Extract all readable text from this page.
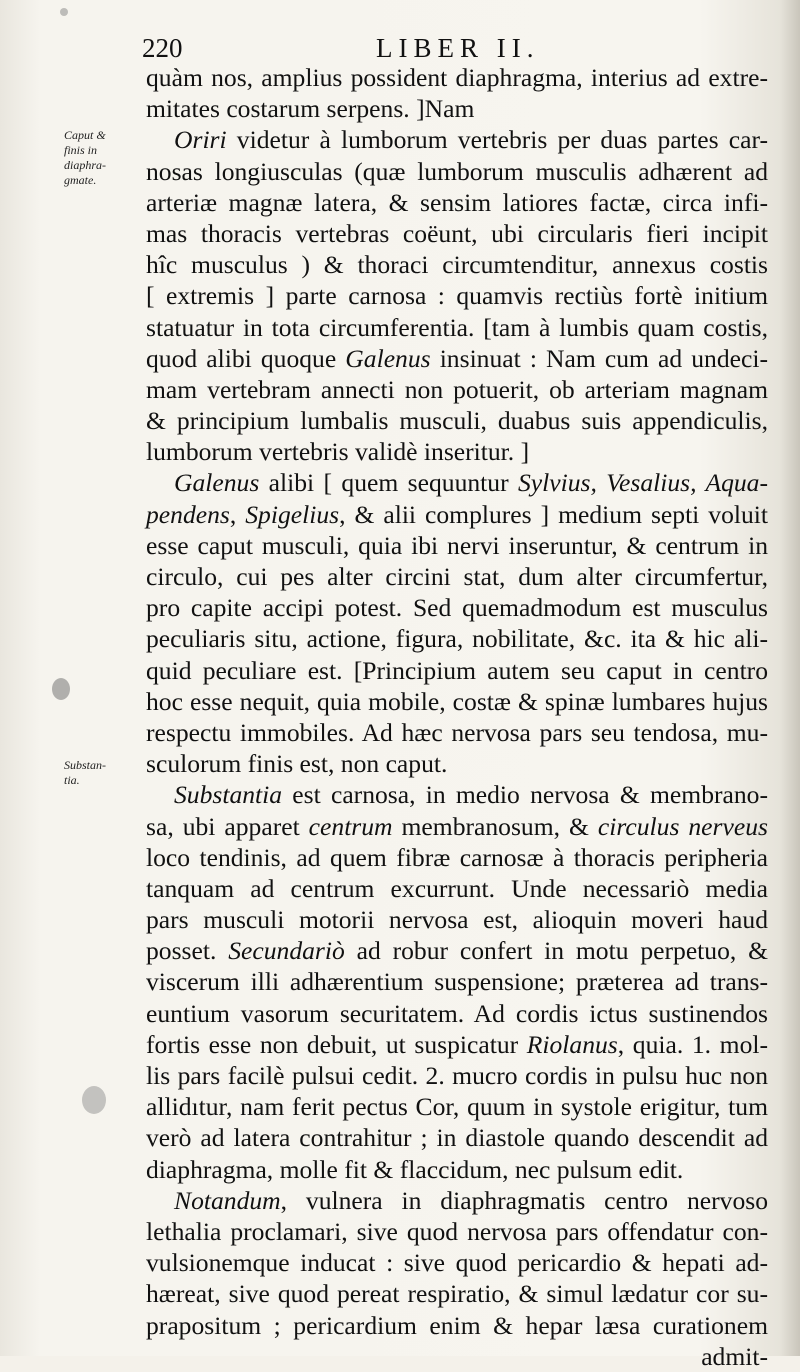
220	LIBER II.
Caput &
finis in
diaphra-
gmate.
Substan-
tia.
quàm nos, amplius possident diaphragma, interius ad extre-
mitates costarum serpens. ]Nam
Oriri videtur à lumborum vertebris per duas partes car-
nosas longiusculas (quæ lumborum musculis adhærent ad
arteriæ magnæ latera, & sensim latiores factæ, circa infi-
mas thoracis vertebras coëunt, ubi circularis fieri incipit
hîc musculus ) & thoraci circumtenditur, annexus costis
[ extremis ] parte carnosa : quamvis rectiùs fortè initium
statuatur in tota circumferentia. [tam à lumbis quam costis,
quod alibi quoque Galenus insinuat : Nam cum ad undeci-
mam vertebram annecti non potuerit, ob arteriam magnam
& principium lumbalis musculi, duabus suis appendiculis,
lumborum vertebris validè inseritur. ]
Galenus alibi [ quem sequuntur Sylvius, Vesalius, Aqua-
pendens, Spigelius, & alii complures ] medium septi voluit
esse caput musculi, quia ibi nervi inseruntur, & centrum in
circulo, cui pes alter circini stat, dum alter circumfertur,
pro capite accipi potest. Sed quemadmodum est musculus
peculiaris situ, actione, figura, nobilitate, &c. ita & hic ali-
quid peculiare est. [Principium autem seu caput in centro
hoc esse nequit, quia mobile, costæ & spinæ lumbares hujus
respectu immobiles. Ad hæc nervosa pars seu tendosa, mu-
sculorum finis est, non caput.
Substantia est carnosa, in medio nervosa & membrano-
sa, ubi apparet centrum membranosum, & circulus nerveus
loco tendinis, ad quem fibræ carnosæ à thoracis peripheria
tanquam ad centrum excurrunt. Unde necessariò media
pars musculi motorii nervosa est, alioquin moveri haud
posset. Secundariò ad robur confert in motu perpetuo, &
viscerum illi adhærentium suspensione; præterea ad trans-
euntium vasorum securitatem. Ad cordis ictus sustinendos
fortis esse non debuit, ut suspicatur Riolanus, quia. 1. mol-
lis pars facilè pulsui cedit. 2. mucro cordis in pulsu huc non
allidıtur, nam ferit pectus Cor, quum in systole erigitur, tum
verò ad latera contrahitur ; in diastole quando descendit ad
diaphragma, molle fit & flaccidum, nec pulsum edit.
Notandum, vulnera in diaphragmatis centro nervoso
lethalia proclamari, sive quod nervosa pars offendatur con-
vulsionemque inducat : sive quod pericardio & hepati ad-
hæreat, sive quod pereat respiratio, & simul lædatur cor su-
prapositum ; pericardium enim & hepar læsa curationem
admit-
